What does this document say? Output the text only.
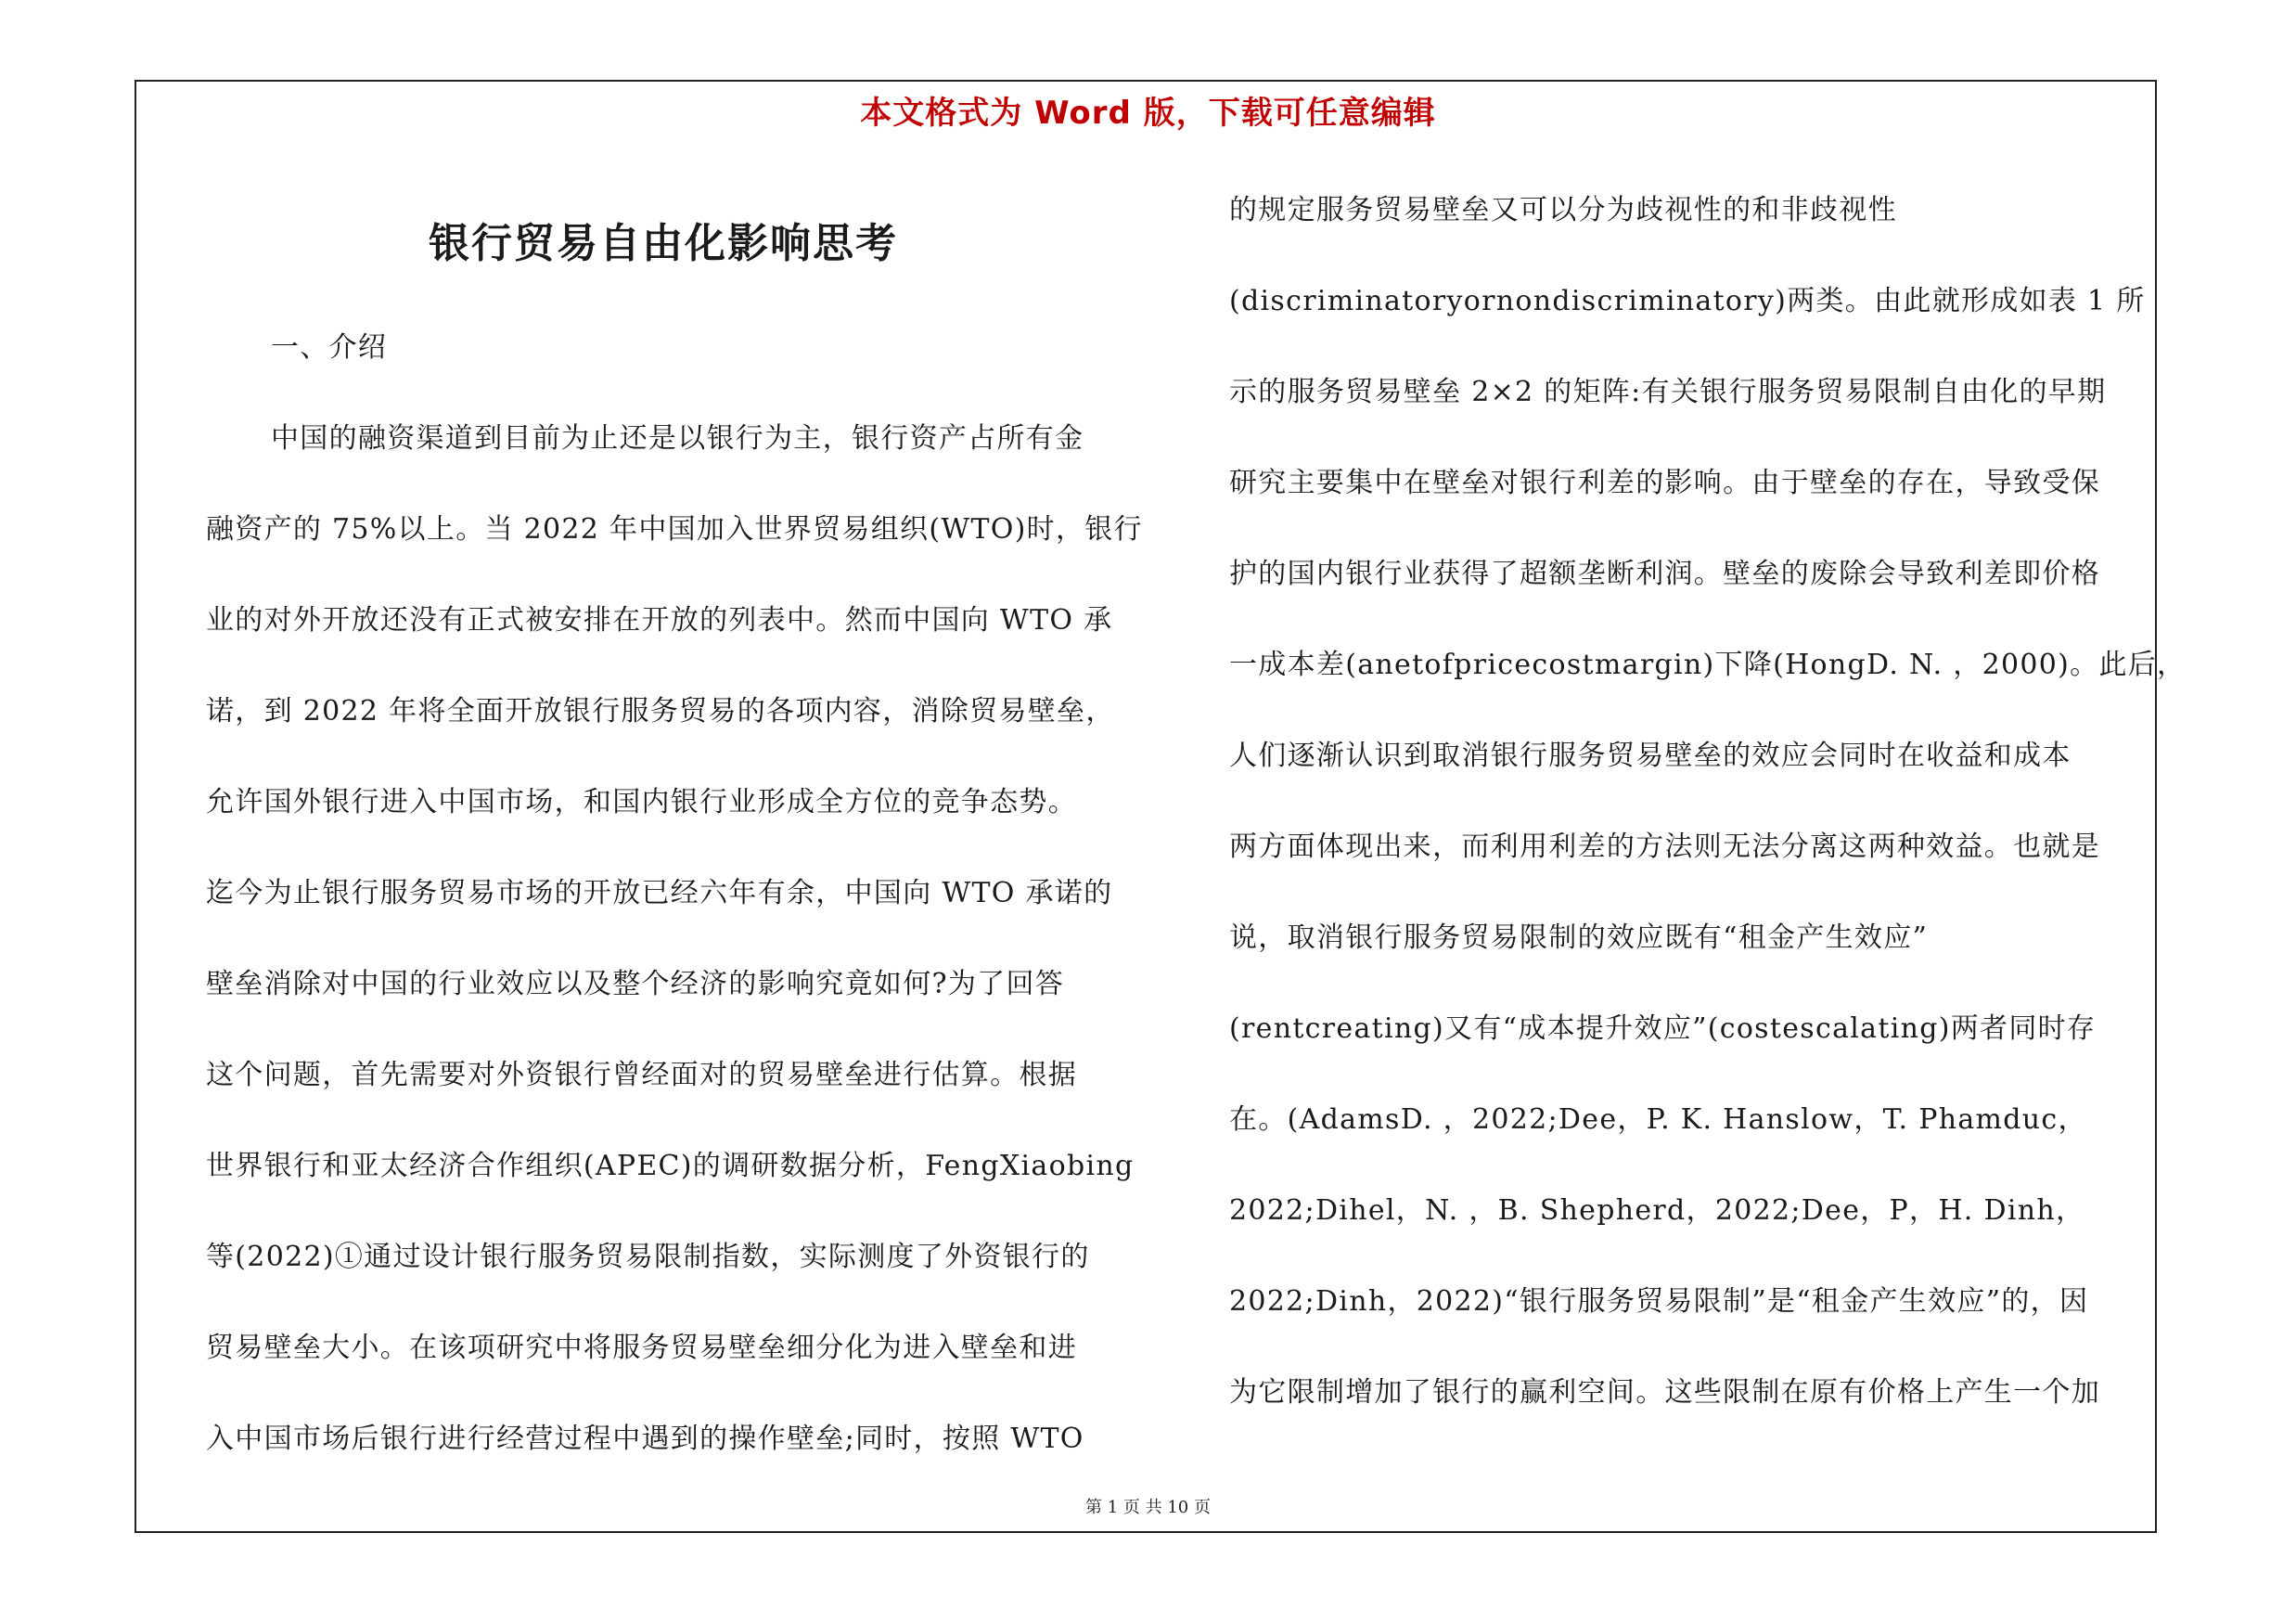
本文格式为 Word 版，下载可任意编辑
银行贸易自由化影响思考
一、介绍
中国的融资渠道到目前为止还是以银行为主，银行资产占所有金
融资产的 75%以上。当 2022 年中国加入世界贸易组织(WTO)时，银行
业的对外开放还没有正式被安排在开放的列表中。然而中国向 WTO 承
诺，到 2022 年将全面开放银行服务贸易的各项内容，消除贸易壁垒，
允许国外银行进入中国市场，和国内银行业形成全方位的竞争态势。
迄今为止银行服务贸易市场的开放已经六年有余，中国向 WTO 承诺的
壁垒消除对中国的行业效应以及整个经济的影响究竟如何?为了回答
这个问题，首先需要对外资银行曾经面对的贸易壁垒进行估算。根据
世界银行和亚太经济合作组织(APEC)的调研数据分析，FengXiaobing
等(2022)①通过设计银行服务贸易限制指数，实际测度了外资银行的
贸易壁垒大小。在该项研究中将服务贸易壁垒细分化为进入壁垒和进
入中国市场后银行进行经营过程中遇到的操作壁垒;同时，按照 WTO
的规定服务贸易壁垒又可以分为歧视性的和非歧视性
(discriminatoryornondiscriminatory)两类。由此就形成如表 1 所
示的服务贸易壁垒 2×2 的矩阵:有关银行服务贸易限制自由化的早期
研究主要集中在壁垒对银行利差的影响。由于壁垒的存在，导致受保
护的国内银行业获得了超额垄断利润。壁垒的废除会导致利差即价格
一成本差(anetofpricecostmargin)下降(HongD. N. ，2000)。此后，
人们逐渐认识到取消银行服务贸易壁垒的效应会同时在收益和成本
两方面体现出来，而利用利差的方法则无法分离这两种效益。也就是
说，取消银行服务贸易限制的效应既有“租金产生效应”
(rentcreating)又有“成本提升效应”(costescalating)两者同时存
在。(AdamsD. ，2022;Dee，P. K. Hanslow，T. Phamduc，
2022;Dihel，N. ，B. Shepherd，2022;Dee，P，H. Dinh，
2022;Dinh，2022)“银行服务贸易限制”是“租金产生效应”的，因
为它限制增加了银行的赢利空间。这些限制在原有价格上产生一个加
第 1 页 共 10 页
